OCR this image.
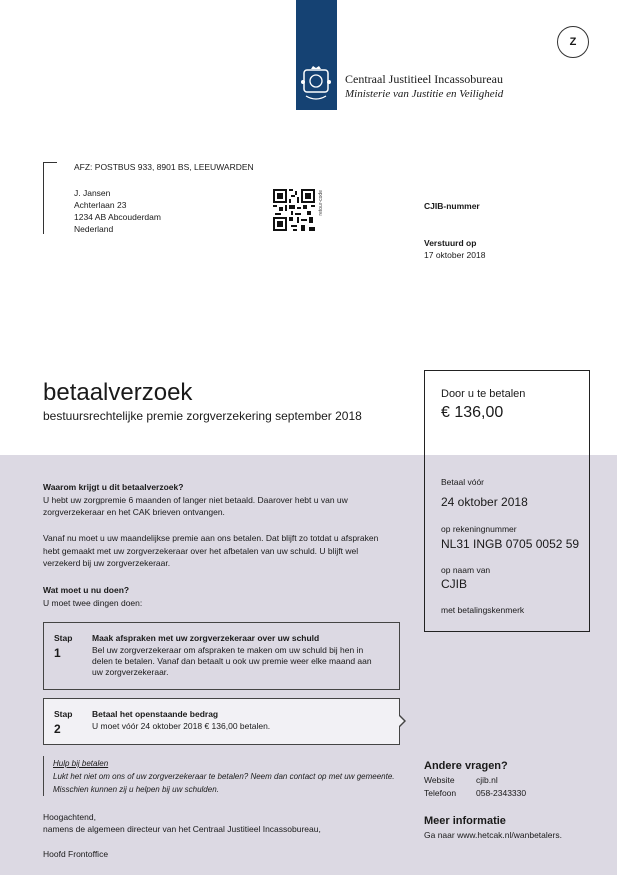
Centraal Justitieel Incassobureau
Ministerie van Justitie en Veiligheid
Z
AFZ: POSTBUS 933, 8901 BS, LEEUWARDEN
J. Jansen
Achterlaan 23
1234 AB Abcouderdam
Nederland
retour-code	CJIB-nummer
Verstuurd op
17 oktober 2018
betaalverzoek
bestuursrechtelijke premie zorgverzekering september 2018
Door u te betalen
€ 136,00
Betaal vóór
24 oktober 2018
op rekeningnummer
NL31 INGB 0705 0052 59
op naam van
CJIB
met betalingskenmerk
Waarom krijgt u dit betaalverzoek?
U hebt uw zorgpremie 6 maanden of langer niet betaald. Daarover hebt u van uw
zorgverzekeraar en het CAK brieven ontvangen.
Vanaf nu moet u uw maandelijkse premie aan ons betalen. Dat blijft zo totdat u afspraken
hebt gemaakt met uw zorgverzekeraar over het afbetalen van uw schuld. U blijft wel
verzekerd bij uw zorgverzekeraar.
Wat moet u nu doen?
U moet twee dingen doen:
Stap
1
Maak afspraken met uw zorgverzekeraar over uw schuld
Bel uw zorgverzekeraar om afspraken te maken om uw schuld bij hen in
delen te betalen. Vanaf dan betaalt u ook uw premie weer elke maand aan
uw zorgverzekeraar.
Stap
2
Betaal het openstaande bedrag
U moet vóór 24 oktober 2018 € 136,00 betalen.
Hulp bij betalen
Lukt het niet om ons of uw zorgverzekeraar te betalen? Neem dan contact op met uw gemeente.
Misschien kunnen zij u helpen bij uw schulden.
Hoogachtend,
namens de algemeen directeur van het Centraal Justitieel Incassobureau,
Hoofd Frontoffice
Andere vragen?
Website	cjib.nl
Telefoon 058-2343330
Meer informatie
Ga naar www.hetcak.nl/wanbetalers.
